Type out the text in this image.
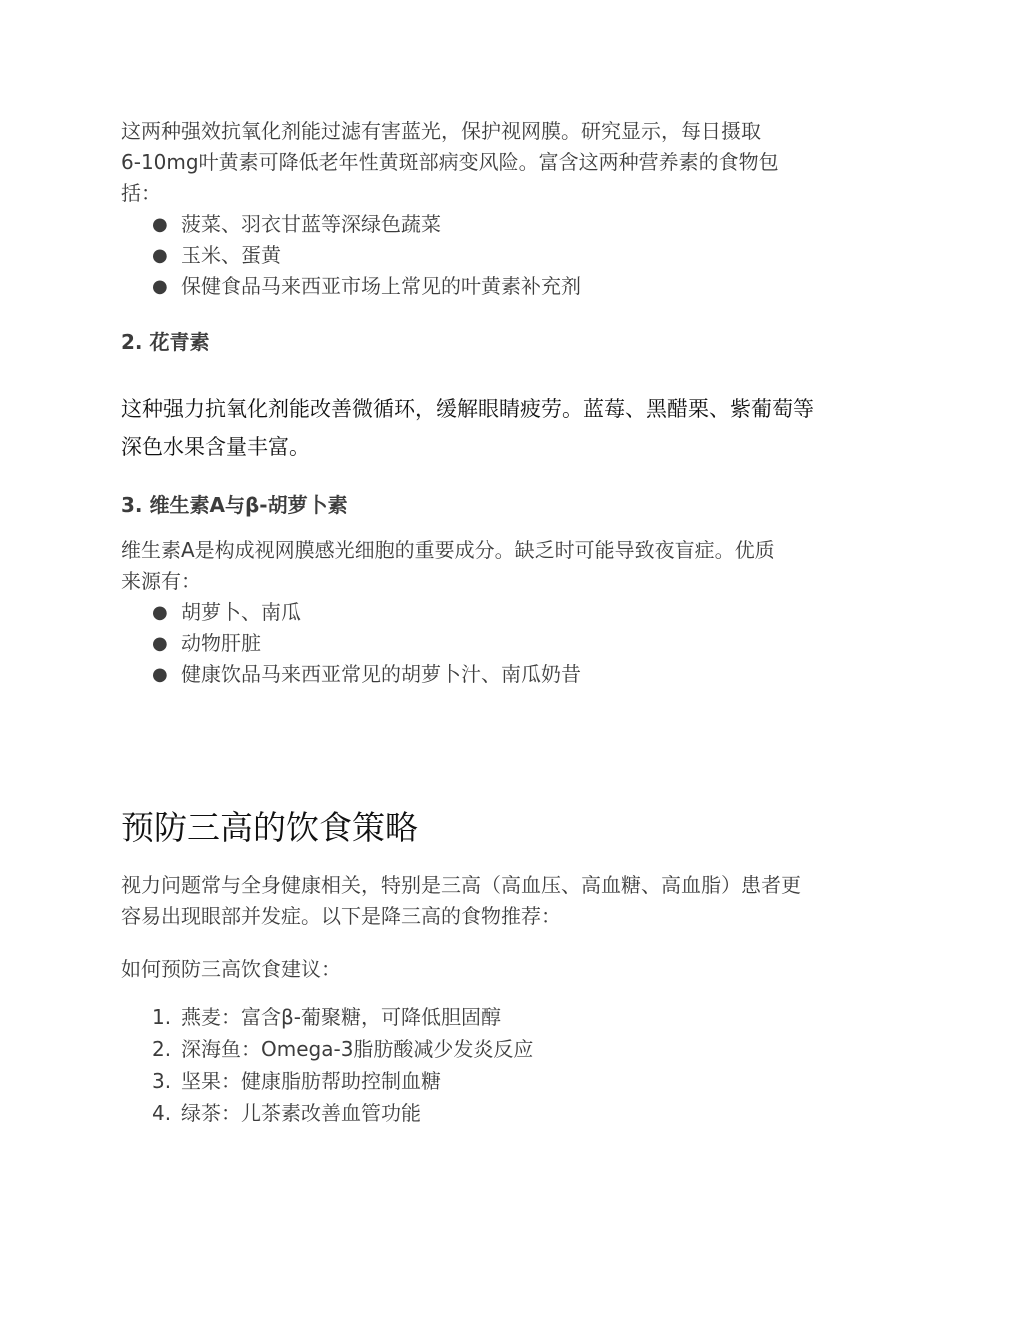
这两种强效抗氧化剂能过滤有害蓝光，保护视网膜。研究显示，每日摄取

6-10mg叶黄素可降低老年性黄斑部病变风险。富含这两种营养素的食物包

括：

● 菠菜、羽衣甘蓝等深绿色蔬菜
● 玉米、蛋黄
● 保健食品马来西亚市场上常见的叶黄素补充剂
2. 花青素

这种强力抗氧化剂能改善微循环，缓解眼睛疲劳。蓝莓、黑醋栗、紫葡萄等

深色水果含量丰富。

3. 维生素A与β-胡萝卜素

维生素A是构成视网膜感光细胞的重要成分。缺乏时可能导致夜盲症。优质

来源有：

● 胡萝卜、南瓜
● 动物肝脏
● 健康饮品马来西亚常见的胡萝卜汁、南瓜奶昔
预防三高的饮食策略

视力问题常与全身健康相关，特别是三高（高血压、高血糖、高血脂）患者更

容易出现眼部并发症。以下是降三高的食物推荐：

如何预防三高饮食建议：

1. 燕麦：富含β-葡聚糖，可降低胆固醇
2. 深海鱼：Omega-3脂肪酸减少发炎反应
3. 坚果：健康脂肪帮助控制血糖
4. 绿茶：儿茶素改善血管功能
